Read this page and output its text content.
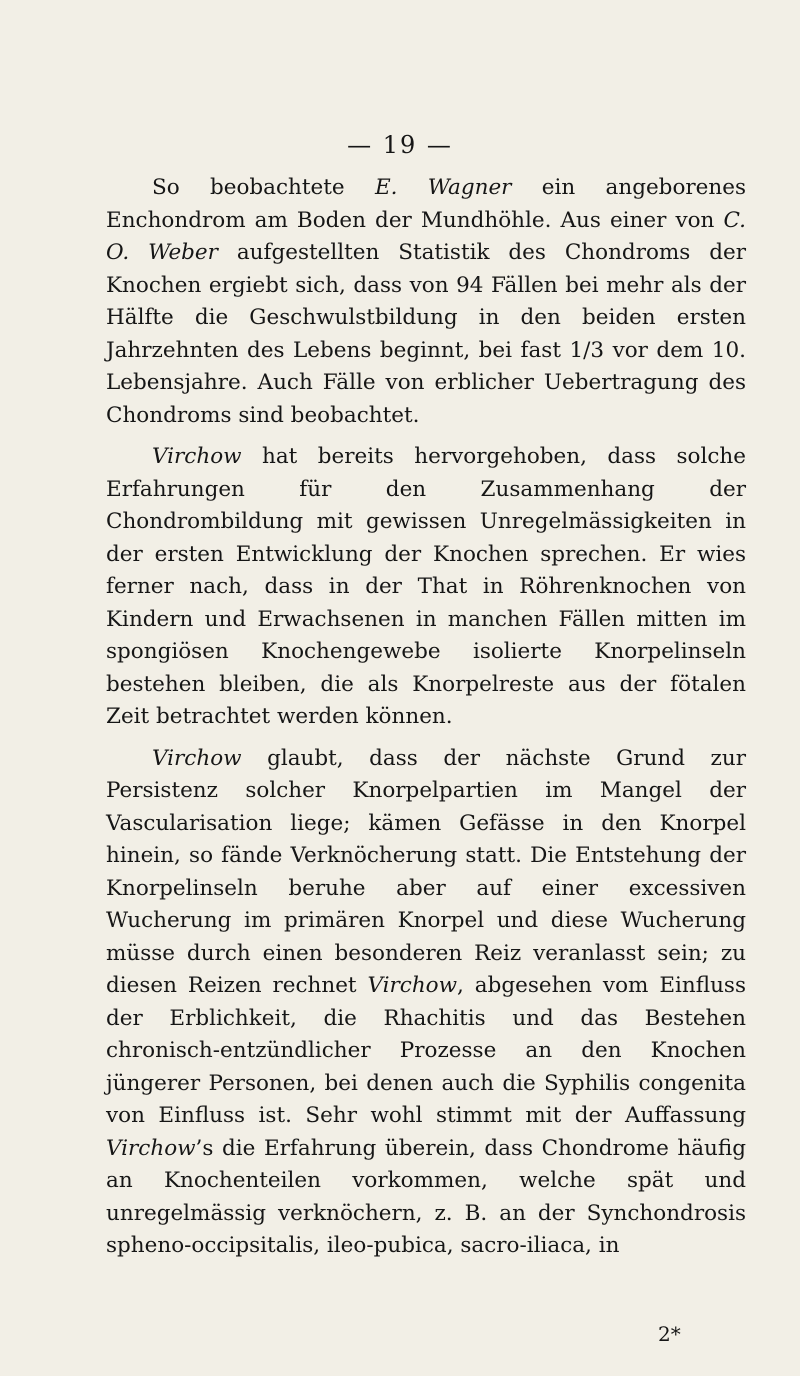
— 19 —

So beobachtete E. Wagner ein angeborenes Enchondrom am Boden der Mundhöhle. Aus einer von C. O. Weber aufgestellten Statistik des Chondroms der Knochen ergiebt sich, dass von 94 Fällen bei mehr als der Hälfte die Geschwulstbildung in den beiden ersten Jahrzehnten des Lebens beginnt, bei fast 1/3 vor dem 10. Lebensjahre. Auch Fälle von erblicher Uebertragung des Chondroms sind beobachtet.

Virchow hat bereits hervorgehoben, dass solche Erfahrungen für den Zusammenhang der Chondrombildung mit gewissen Unregelmässigkeiten in der ersten Entwicklung der Knochen sprechen. Er wies ferner nach, dass in der That in Röhrenknochen von Kindern und Erwachsenen in manchen Fällen mitten im spongiösen Knochengewebe isolierte Knorpelinseln bestehen bleiben, die als Knorpelreste aus der fötalen Zeit betrachtet werden können.

Virchow glaubt, dass der nächste Grund zur Persistenz solcher Knorpelpartien im Mangel der Vascularisation liege; kämen Gefässe in den Knorpel hinein, so fände Verknöcherung statt. Die Entstehung der Knorpelinseln beruhe aber auf einer excessiven Wucherung im primären Knorpel und diese Wucherung müsse durch einen besonderen Reiz veranlasst sein; zu diesen Reizen rechnet Virchow, abgesehen vom Einfluss der Erblichkeit, die Rhachitis und das Bestehen chronisch-entzündlicher Prozesse an den Knochen jüngerer Personen, bei denen auch die Syphilis congenita von Einfluss ist. Sehr wohl stimmt mit der Auffassung Virchow’s die Erfahrung überein, dass Chondrome häufig an Knochenteilen vorkommen, welche spät und unregelmässig verknöchern, z. B. an der Synchondrosis spheno-occipsitalis, ileo-pubica, sacro-iliaca, in

2*
